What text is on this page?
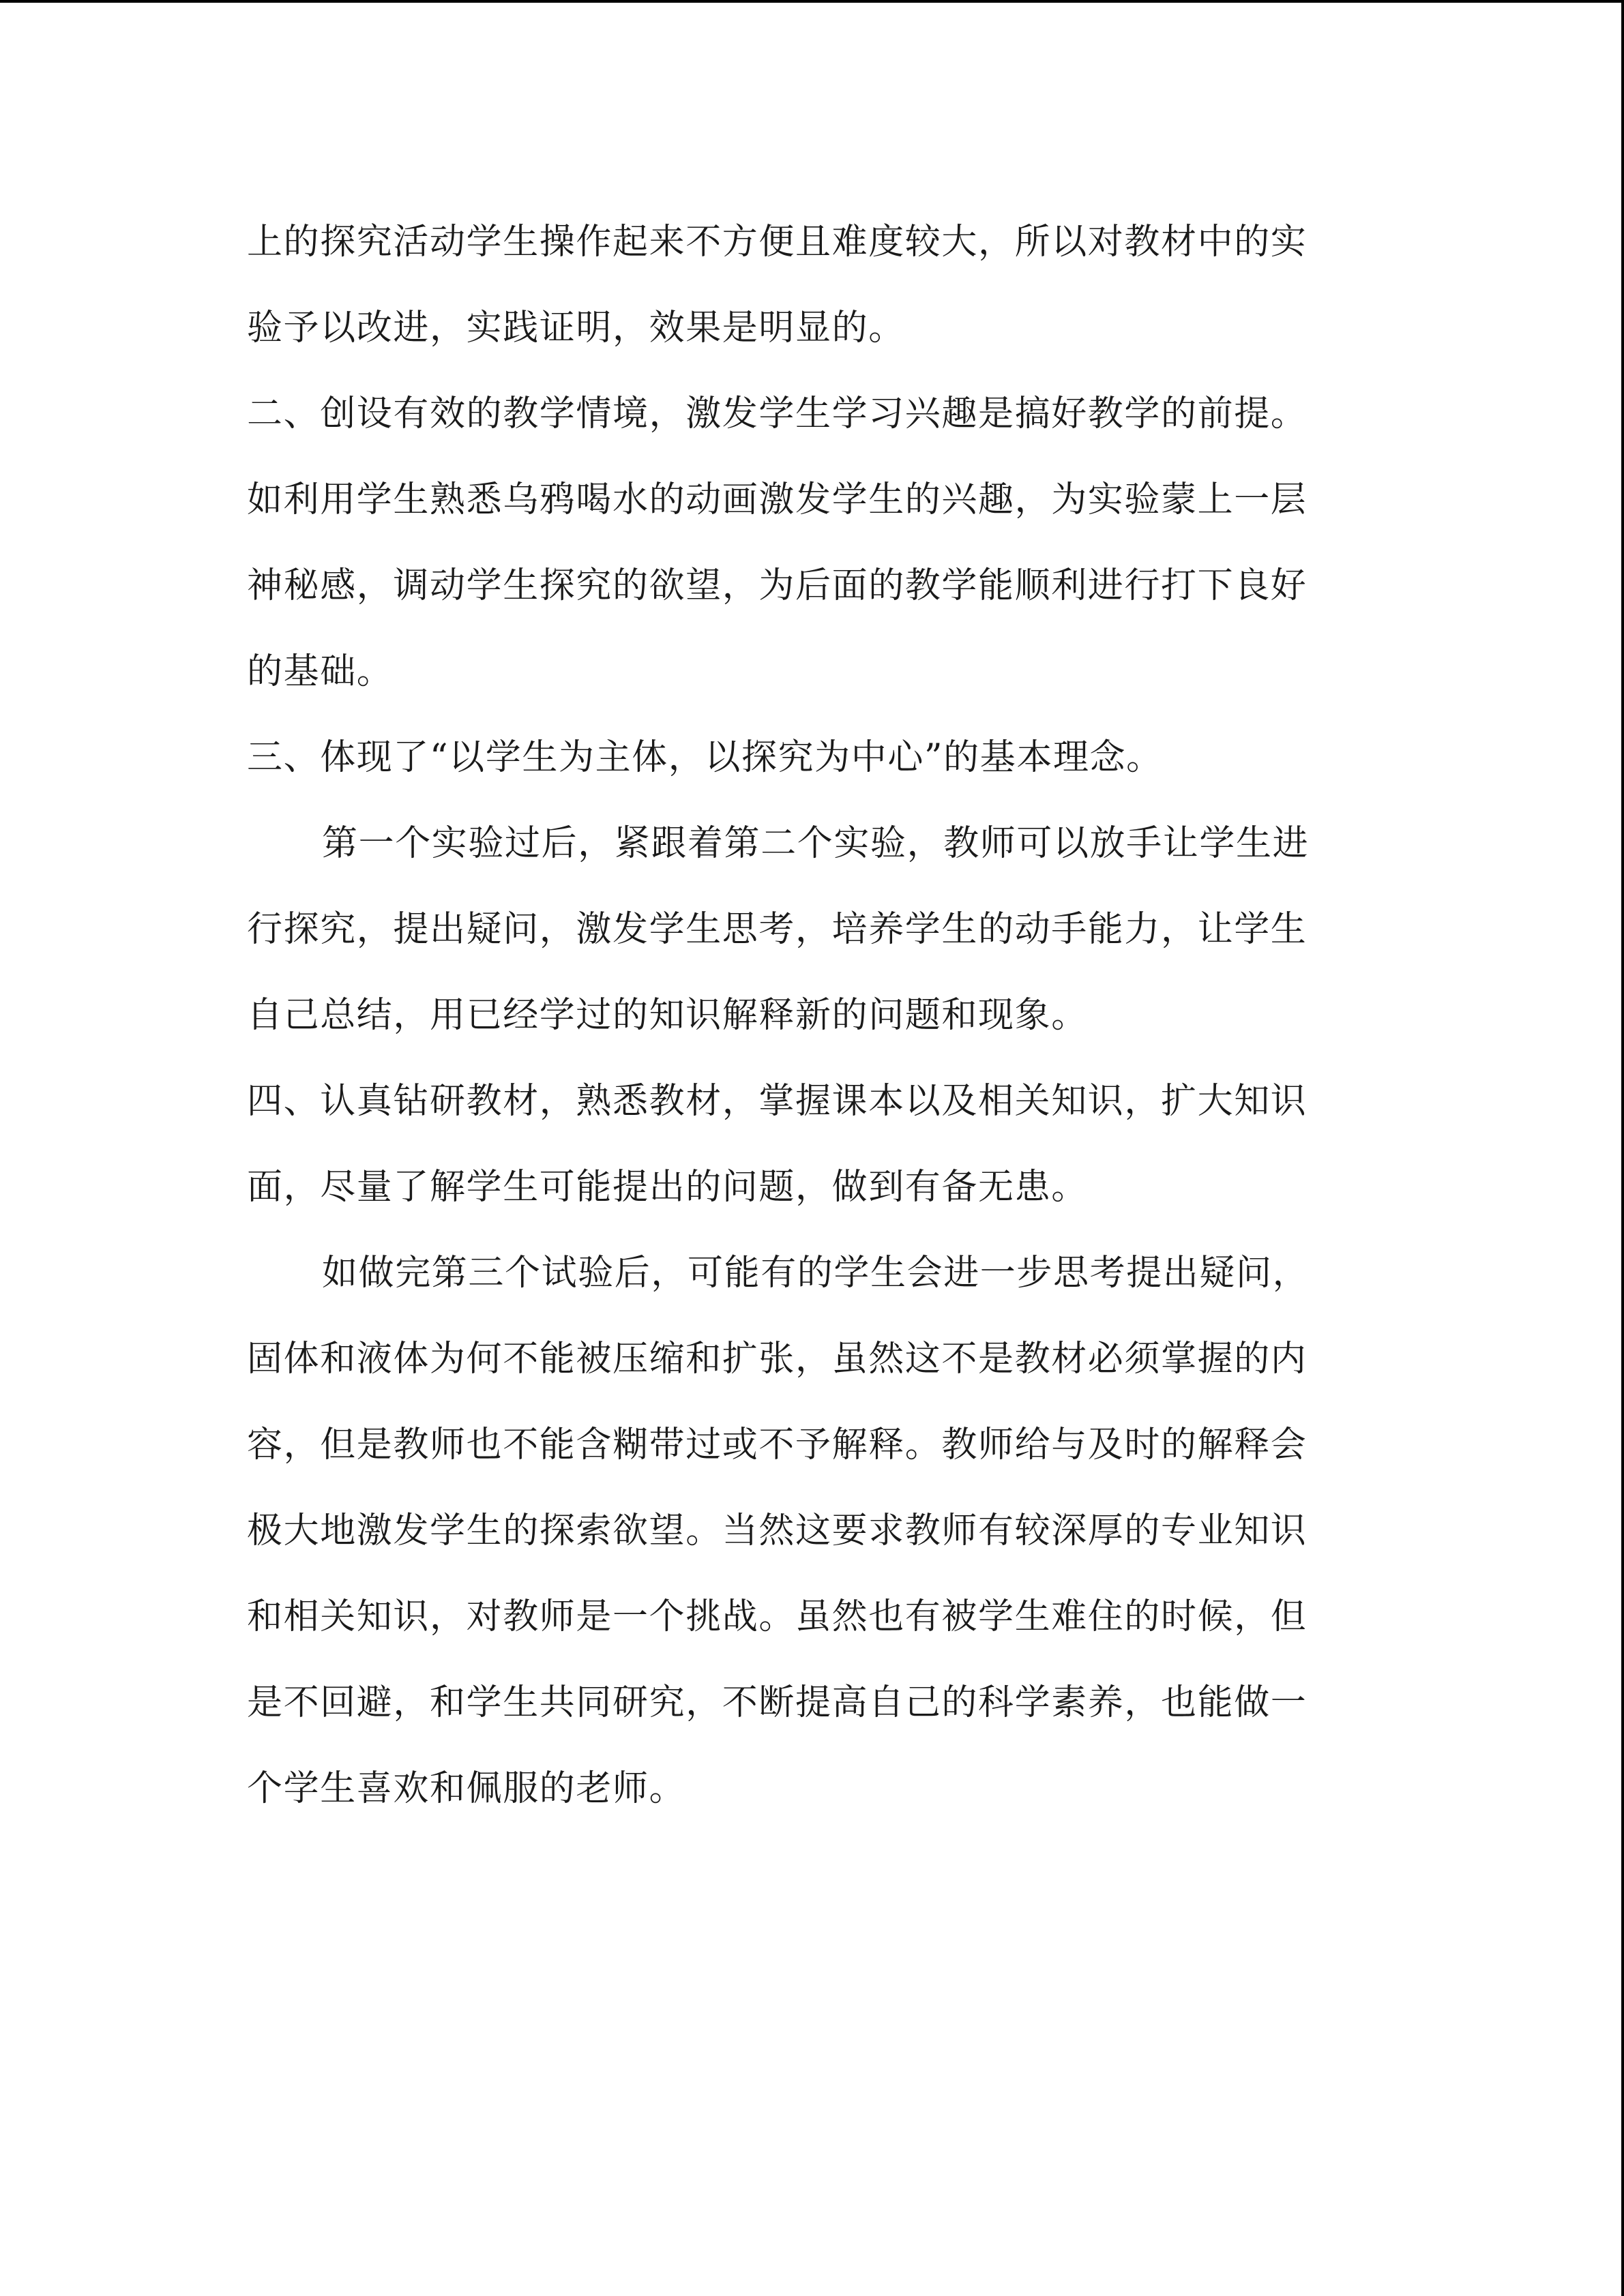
上的探究活动学生操作起来不方便且难度较大，所以对教材中的实
验予以改进，实践证明，效果是明显的。
二、创设有效的教学情境，激发学生学习兴趣是搞好教学的前提。
如利用学生熟悉乌鸦喝水的动画激发学生的兴趣，为实验蒙上一层
神秘感，调动学生探究的欲望，为后面的教学能顺利进行打下良好
的基础。
三、体现了“以学生为主体，以探究为中心”的基本理念。
第一个实验过后，紧跟着第二个实验，教师可以放手让学生进
行探究，提出疑问，激发学生思考，培养学生的动手能力，让学生
自己总结，用已经学过的知识解释新的问题和现象。
四、认真钻研教材，熟悉教材，掌握课本以及相关知识，扩大知识
面，尽量了解学生可能提出的问题，做到有备无患。
如做完第三个试验后，可能有的学生会进一步思考提出疑问，
固体和液体为何不能被压缩和扩张，虽然这不是教材必须掌握的内
容，但是教师也不能含糊带过或不予解释。教师给与及时的解释会
极大地激发学生的探索欲望。当然这要求教师有较深厚的专业知识
和相关知识，对教师是一个挑战。虽然也有被学生难住的时候，但
是不回避，和学生共同研究，不断提高自己的科学素养，也能做一
个学生喜欢和佩服的老师。
